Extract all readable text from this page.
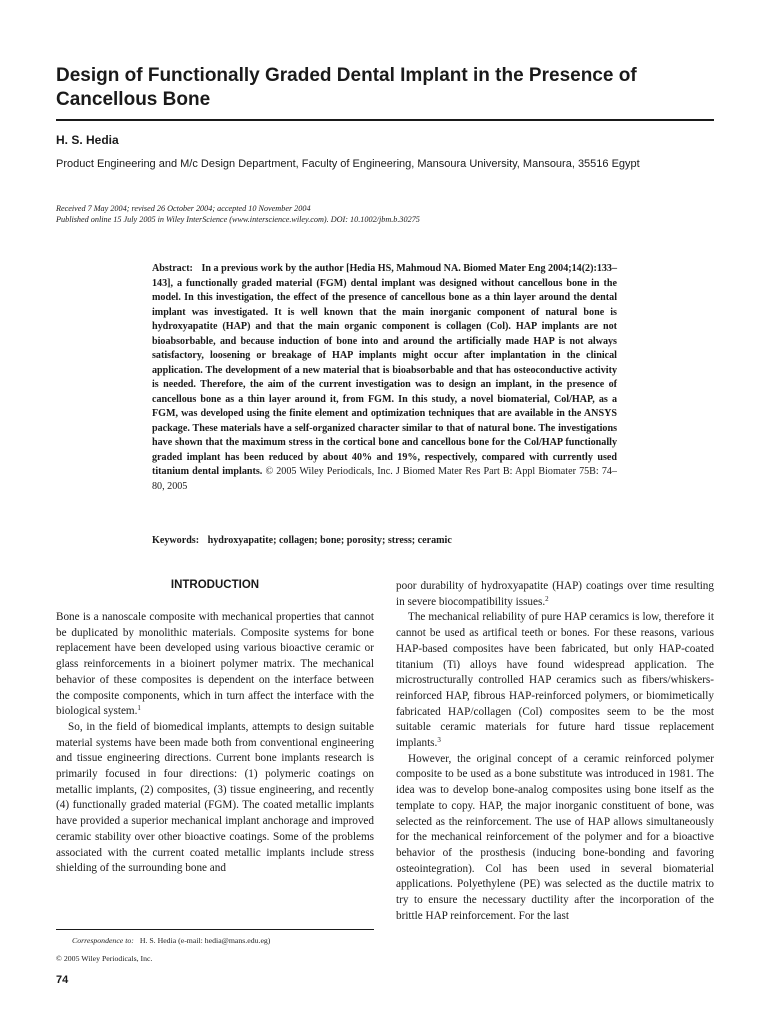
Design of Functionally Graded Dental Implant in the Presence of Cancellous Bone
H. S. Hedia
Product Engineering and M/c Design Department, Faculty of Engineering, Mansoura University, Mansoura, 35516 Egypt
Received 7 May 2004; revised 26 October 2004; accepted 10 November 2004
Published online 15 July 2005 in Wiley InterScience (www.interscience.wiley.com). DOI: 10.1002/jbm.b.30275

Abstract: In a previous work by the author [Hedia HS, Mahmoud NA. Biomed Mater Eng 2004;14(2):133–143], a functionally graded material (FGM) dental implant was designed without cancellous bone in the model. In this investigation, the effect of the presence of cancellous bone as a thin layer around the dental implant was investigated. It is well known that the main inorganic component of natural bone is hydroxyapatite (HAP) and that the main organic component is collagen (Col). HAP implants are not bioabsorbable, and because induction of bone into and around the artificially made HAP is not always satisfactory, loosening or breakage of HAP implants might occur after implantation in the clinical application. The development of a new material that is bioabsorbable and that has osteoconductive activity is needed. Therefore, the aim of the current investigation was to design an implant, in the presence of cancellous bone as a thin layer around it, from FGM. In this study, a novel biomaterial, Col/HAP, as a FGM, was developed using the finite element and optimization techniques that are available in the ANSYS package. These materials have a self-organized character similar to that of natural bone. The investigations have shown that the maximum stress in the cortical bone and cancellous bone for the Col/HAP functionally graded implant has been reduced by about 40% and 19%, respectively, compared with currently used titanium dental implants. © 2005 Wiley Periodicals, Inc. J Biomed Mater Res Part B: Appl Biomater 75B: 74–80, 2005

Keywords: hydroxyapatite; collagen; bone; porosity; stress; ceramic
INTRODUCTION

Bone is a nanoscale composite with mechanical properties that cannot be duplicated by monolithic materials. Composite systems for bone replacement have been developed using various bioactive ceramic or glass reinforcements in a bioinert polymer matrix. The mechanical behavior of these composites is dependent on the interface between the composite components, which in turn affect the interface with the biological system.$^1$

So, in the field of biomedical implants, attempts to design suitable material systems have been made both from conventional engineering and tissue engineering directions. Current bone implants research is primarily focused in four directions: (1) polymeric coatings on metallic implants, (2) composites, (3) tissue engineering, and recently (4) functionally graded material (FGM). The coated metallic implants have provided a superior mechanical implant anchorage and improved ceramic stability over other bioactive coatings. Some of the problems associated with the current coated metallic implants include stress shielding of the surrounding bone and

poor durability of hydroxyapatite (HAP) coatings over time resulting in severe biocompatibility issues.$^2$

The mechanical reliability of pure HAP ceramics is low, therefore it cannot be used as artifical teeth or bones. For these reasons, various HAP-based composites have been fabricated, but only HAP-coated titanium (Ti) alloys have found widespread application. The microstructurally controlled HAP ceramics such as fibers/whiskers-reinforced HAP, fibrous HAP-reinforced polymers, or biomimetically fabricated HAP/collagen (Col) composites seem to be the most suitable ceramic materials for future hard tissue replacement implants.$^3$

However, the original concept of a ceramic reinforced polymer composite to be used as a bone substitute was introduced in 1981. The idea was to develop bone-analog composites using bone itself as the template to copy. HAP, the major inorganic constituent of bone, was selected as the reinforcement. The use of HAP allows simultaneously for the mechanical reinforcement of the polymer and for a bioactive behavior of the prosthesis (inducing bone-bonding and favoring osteointegration). Col has been used in several biomaterial applications. Polyethylene (PE) was selected as the ductile matrix to try to ensure the necessary ductility after the incorporation of the brittle HAP reinforcement. For the last

Correspondence to: H. S. Hedia (e-mail: hedia@mans.edu.eg)
© 2005 Wiley Periodicals, Inc.
74
